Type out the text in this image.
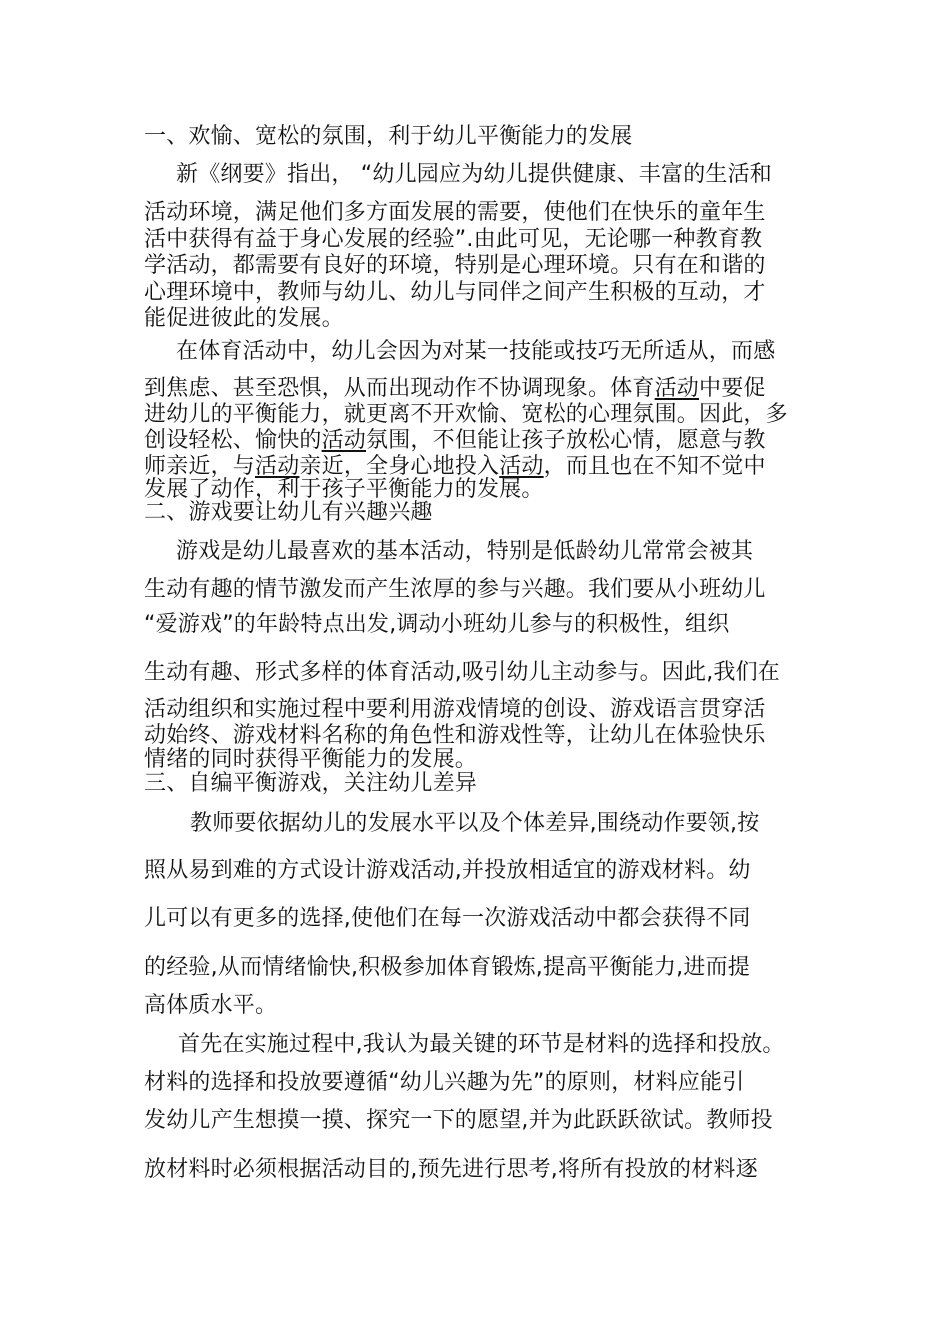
一、欢愉、宽松的氛围，利于幼儿平衡能力的发展
新《纲要》指出， “幼儿园应为幼儿提供健康、丰富的生活和
活动环境，满足他们多方面发展的需要，使他们在快乐的童年生
活中获得有益于身心发展的经验”.由此可见，无论哪一种教育教
学活动，都需要有良好的环境，特别是心理环境。只有在和谐的
心理环境中，教师与幼儿、幼儿与同伴之间产生积极的互动，才
能促进彼此的发展。
在体育活动中，幼儿会因为对某一技能或技巧无所适从，而感
到焦虑、甚至恐惧，从而出现动作不协调现象。体育活动中要促
进幼儿的平衡能力，就更离不开欢愉、宽松的心理氛围。因此，多
创设轻松、愉快的活动氛围，不但能让孩子放松心情，愿意与教
师亲近，与活动亲近，全身心地投入活动，而且也在不知不觉中
发展了动作，利于孩子平衡能力的发展。
二、游戏要让幼儿有兴趣兴趣
游戏是幼儿最喜欢的基本活动，特别是低龄幼儿常常会被其
生动有趣的情节激发而产生浓厚的参与兴趣。我们要从小班幼儿
“爱游戏”的年龄特点出发,调动小班幼儿参与的积极性，组织
生动有趣、形式多样的体育活动,吸引幼儿主动参与。因此,我们在
活动组织和实施过程中要利用游戏情境的创设、游戏语言贯穿活
动始终、游戏材料名称的角色性和游戏性等，让幼儿在体验快乐
情绪的同时获得平衡能力的发展。
三、自编平衡游戏，关注幼儿差异
教师要依据幼儿的发展水平以及个体差异,围绕动作要领,按
照从易到难的方式设计游戏活动,并投放相适宜的游戏材料。幼
儿可以有更多的选择,使他们在每一次游戏活动中都会获得不同
的经验,从而情绪愉快,积极参加体育锻炼,提高平衡能力,进而提
高体质水平。
首先在实施过程中,我认为最关键的环节是材料的选择和投放。
材料的选择和投放要遵循“幼儿兴趣为先”的原则，材料应能引
发幼儿产生想摸一摸、探究一下的愿望,并为此跃跃欲试。教师投
放材料时必须根据活动目的,预先进行思考,将所有投放的材料逐
